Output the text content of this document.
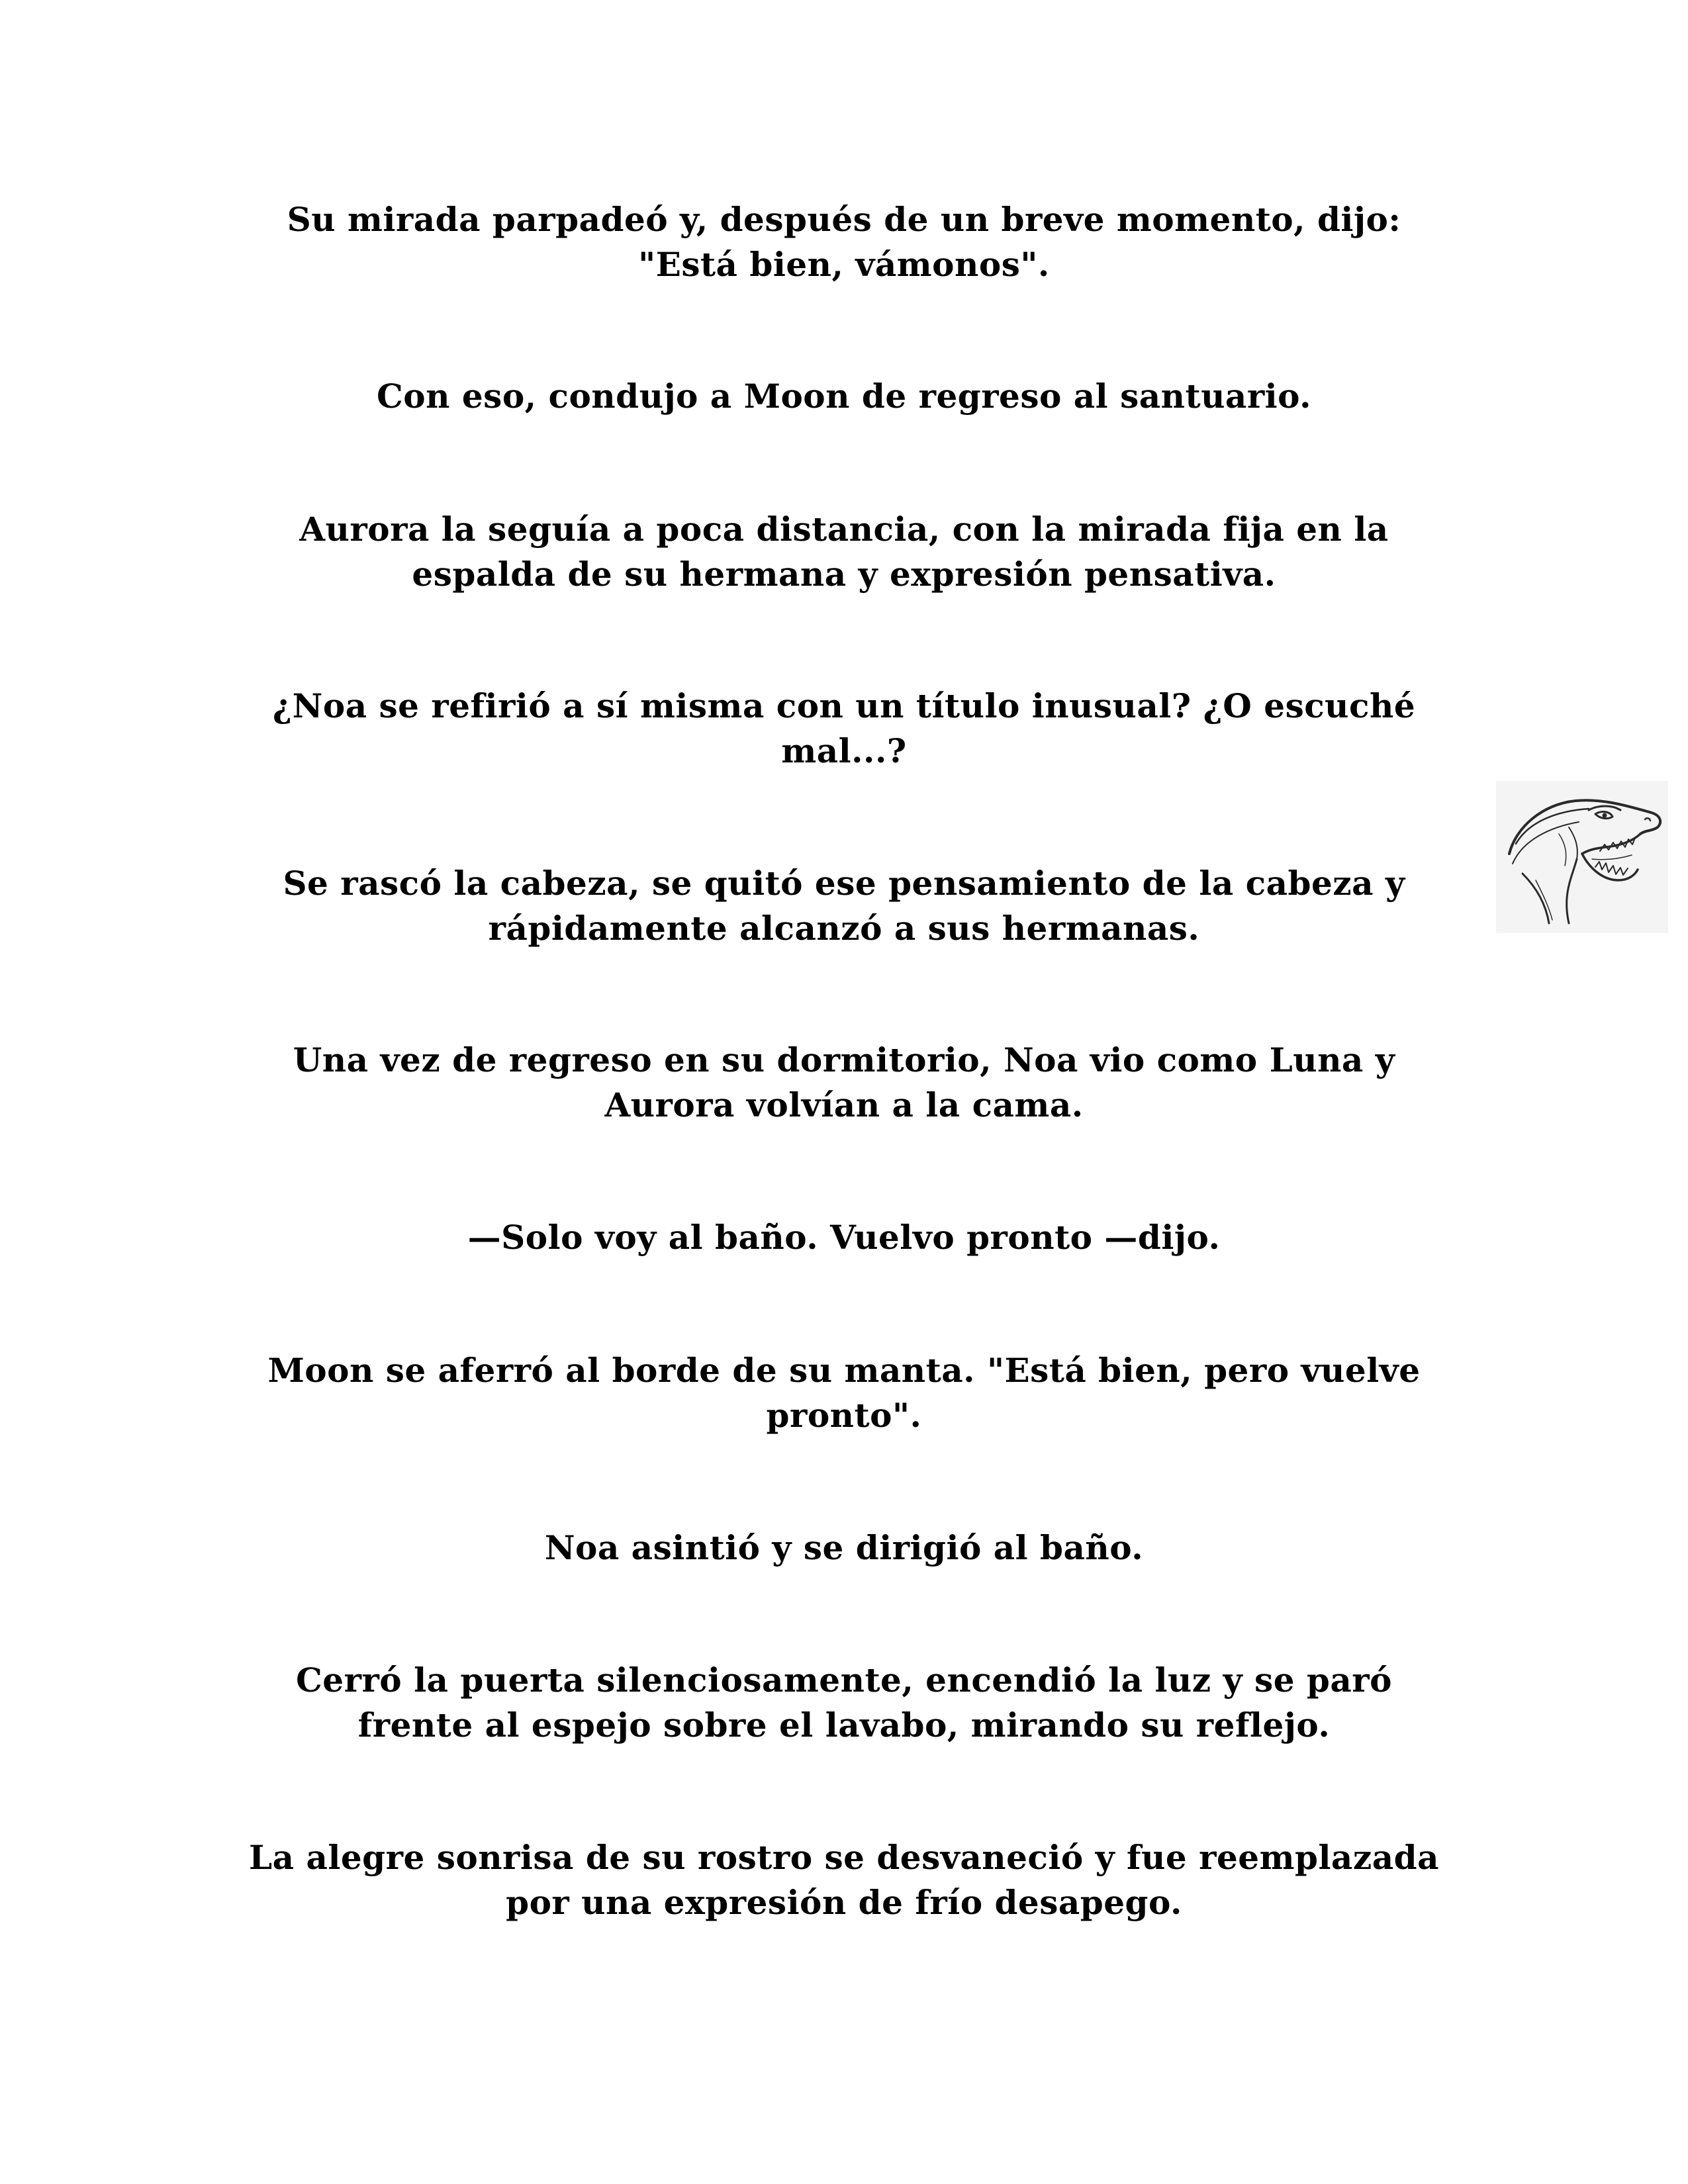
Su mirada parpadeó y, después de un breve momento, dijo:
"Está bien, vámonos".

Con eso, condujo a Moon de regreso al santuario.

Aurora la seguía a poca distancia, con la mirada fija en la
espalda de su hermana y expresión pensativa.

¿Noa se refirió a sí misma con un título inusual? ¿O escuché
mal...?

Se rascó la cabeza, se quitó ese pensamiento de la cabeza y
rápidamente alcanzó a sus hermanas.

Una vez de regreso en su dormitorio, Noa vio como Luna y
Aurora volvían a la cama.

—Solo voy al baño. Vuelvo pronto —dijo.

Moon se aferró al borde de su manta. "Está bien, pero vuelve
pronto".

Noa asintió y se dirigió al baño.

Cerró la puerta silenciosamente, encendió la luz y se paró
frente al espejo sobre el lavabo, mirando su reflejo.

La alegre sonrisa de su rostro se desvaneció y fue reemplazada
por una expresión de frío desapego.
